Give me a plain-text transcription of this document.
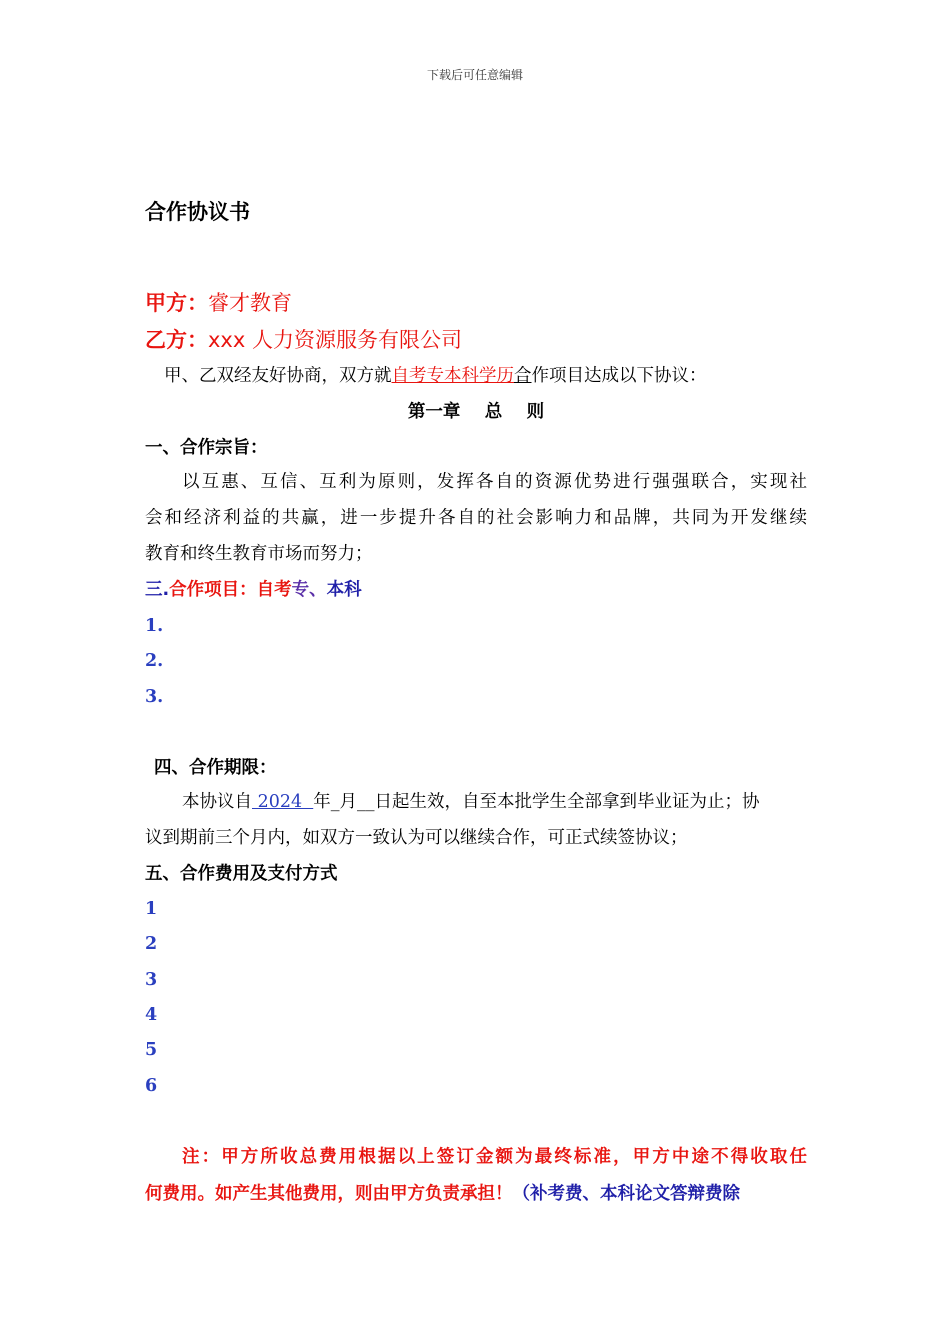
下载后可任意编辑
合作协议书
甲方：睿才教育
乙方：xxx 人力资源服务有限公司
甲、乙双经友好协商，双方就自考专本科学历合作项目达成以下协议：
第一章    总    则
一、合作宗旨：
以互惠、互信、互利为原则，发挥各自的资源优势进行强强联合，实现社
会和经济利益的共赢，进一步提升各自的社会影响力和品牌，共同为开发继续
教育和终生教育市场而努力；
三.合作项目：自考专、本科
1.
2.
3.
四、合作期限：
本协议自 2024  年_月__日起生效，自至本批学生全部拿到毕业证为止；协
议到期前三个月内，如双方一致认为可以继续合作，可正式续签协议；
五、合作费用及支付方式
1
2
3
4
5
6
注：甲方所收总费用根据以上签订金额为最终标准，甲方中途不得收取任
何费用。如产生其他费用，则由甲方负责承担！（补考费、本科论文答辩费除
